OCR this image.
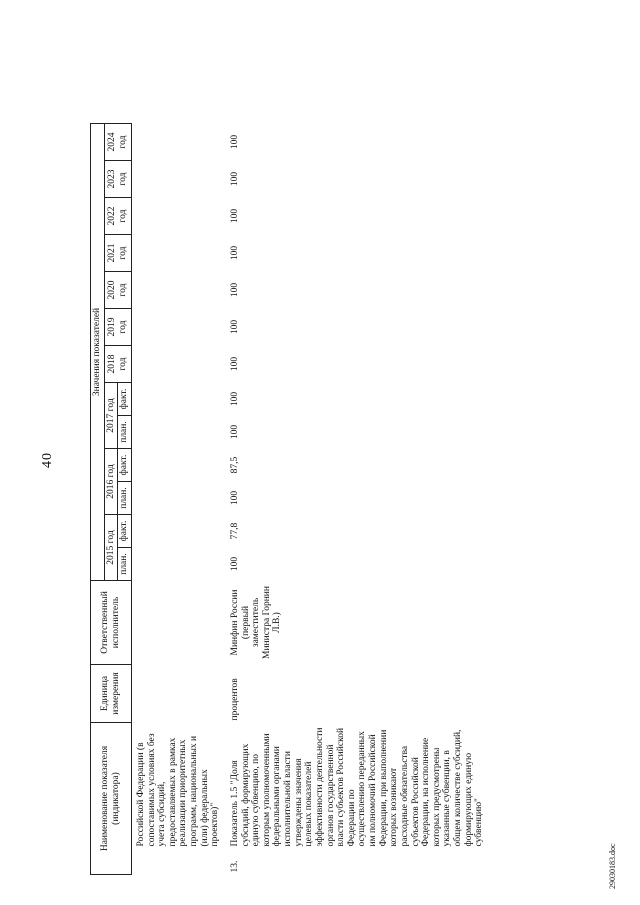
40
Наименование показателя (индикатора)		Единица измерения	Ответственный исполнитель	Значения показателей												
				2015 год		2016 год		2017 год		2018 год	2019 год	2020 год	2021 год	2022 год	2023 год	2024 год
				план.	факт.	план.	факт.	план.	факт.							
	Российской Федерации (в сопоставимых условиях без учета субсидий, предоставляемых в рамках реализации приоритетных программ, национальных и (или) федеральных проектов)"															
13.	Показатель 1.5 "Доля субсидий, формирующих единую субвенцию, по которым уполномоченными федеральными органами исполнительной власти утверждены значения целевых показателей эффективности деятельности органов государственной власти субъектов Российской Федерации по осуществлению переданных им полномочий Российской Федерации, при выполнении которых возникают расходные обязательства субъектов Российской Федерации, на исполнение которых предусмотрены указанные субвенции, в общем количестве субсидий, формирующих единую субвенцию"	процентов	Минфин России (первый заместитель Министра Горнин Л.В.)	100	77,8	100	87,5	100	100	100	100	100	100	100	100	100
29030183.doc
